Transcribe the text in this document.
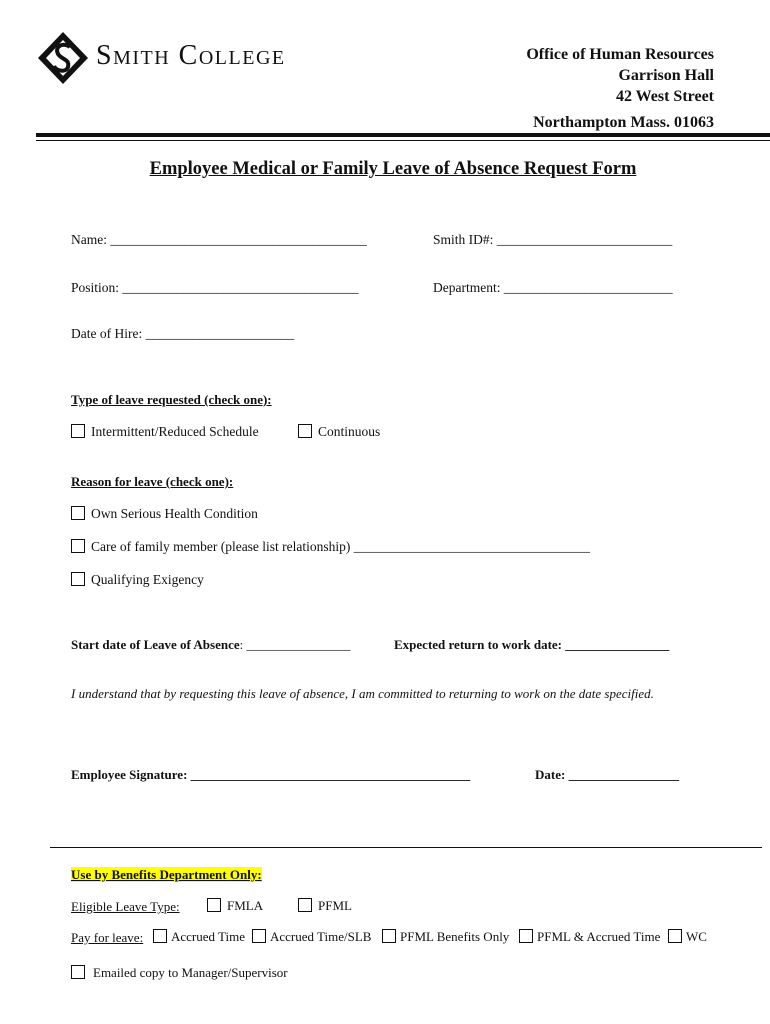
Smith College	Office of Human Resources
Garrison Hall
42 West Street
Northampton Mass. 01063
Employee Medical or Family Leave of Absence Request Form
Name: ______________________________________	Smith ID#: __________________________
Position: ___________________________________	Department: _________________________
Date of Hire: ______________________
Type of leave requested (check one):
Intermittent/Reduced Schedule	Continuous
Reason for leave (check one):
Own Serious Health Condition
Care of family member (please list relationship) ___________________________________
Qualifying Exigency
Start date of Leave of Absence: ________________	Expected return to work date: ________________
I understand that by requesting this leave of absence, I am committed to returning to work on the date specified.
Employee Signature: ___________________________________________	Date: _________________
Use by Benefits Department Only:
Eligible Leave Type:	FMLA	PFML
Pay for leave:	Accrued Time	Accrued Time/SLB	PFML Benefits Only	PFML & Accrued Time	WC
Emailed copy to Manager/Supervisor
